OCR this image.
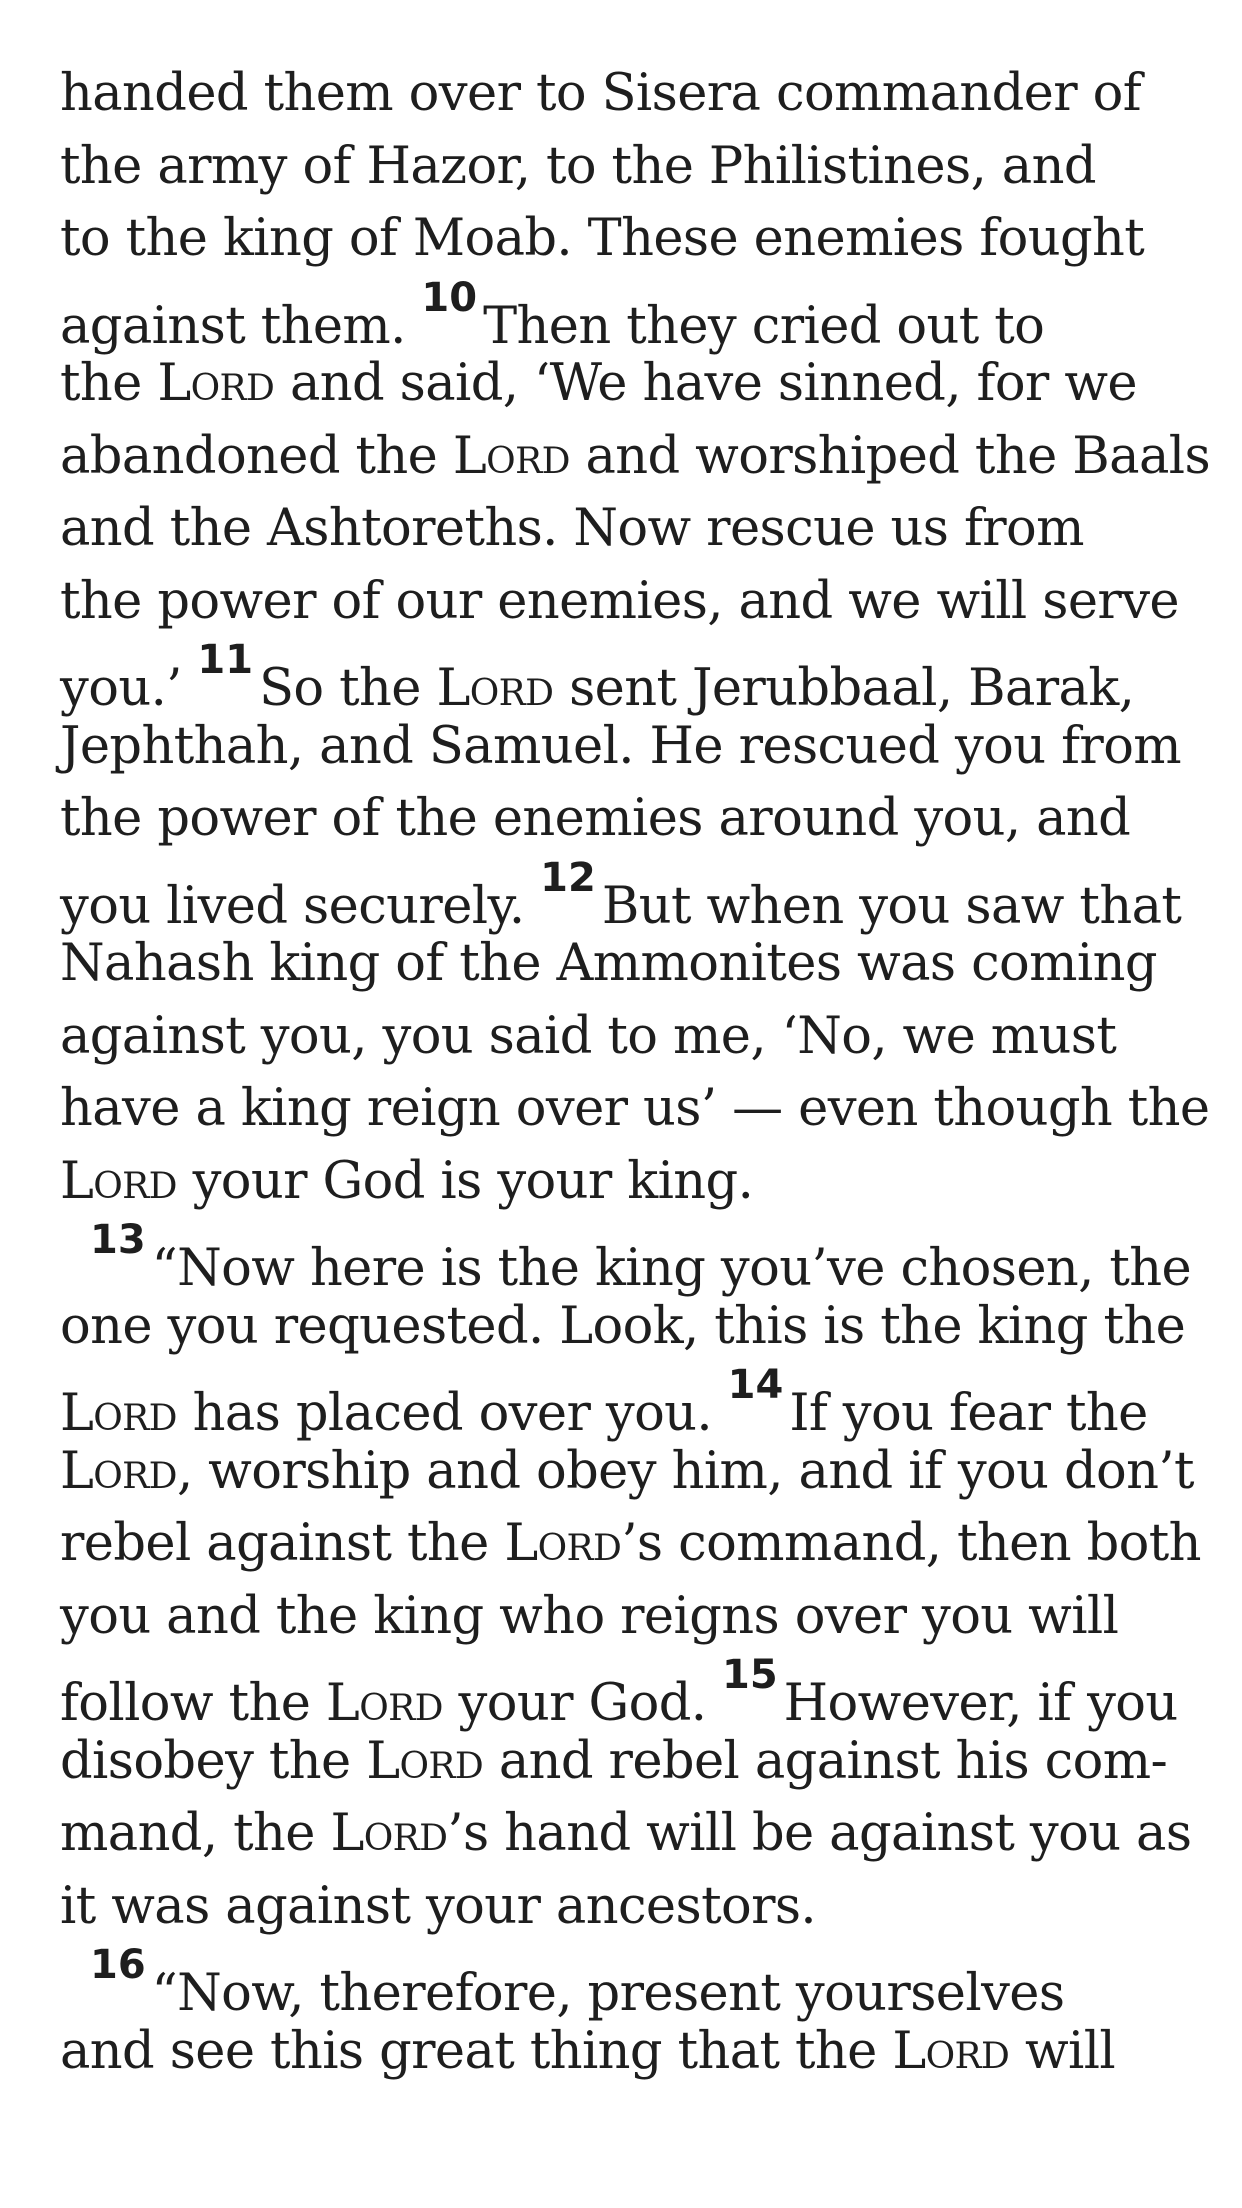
handed them over to Sisera commander of
the army of Hazor, to the Philistines, and
to the king of Moab. These enemies fought
against them. $^{10}$ Then they cried out to
the Lord and said, ‘We have sinned, for we
abandoned the Lord and worshiped the Baals
and the Ashtoreths. Now rescue us from
the power of our enemies, and we will serve
you.’ $^{11}$ So the Lord sent Jerubbaal, Barak,
Jephthah, and Samuel. He rescued you from
the power of the enemies around you, and
you lived securely. $^{12}$ But when you saw that
Nahash king of the Ammonites was coming
against you, you said to me, ‘No, we must
have a king reign over us’ — even though the
Lord your God is your king.
$^{13}$ “Now here is the king you’ve chosen, the
one you requested. Look, this is the king the
Lord has placed over you. $^{14}$ If you fear the
Lord, worship and obey him, and if you don’t
rebel against the Lord’s command, then both
you and the king who reigns over you will
follow the Lord your God. $^{15}$ However, if you
disobey the Lord and rebel against his com-
mand, the Lord’s hand will be against you as
it was against your ancestors.
$^{16}$ “Now, therefore, present yourselves
and see this great thing that the Lord will
